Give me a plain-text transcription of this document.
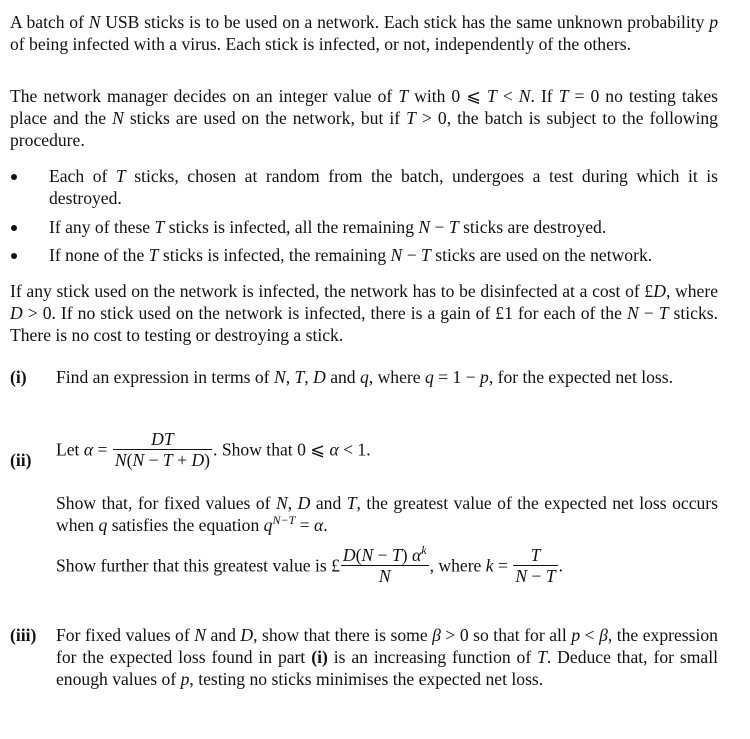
A batch of N USB sticks is to be used on a network. Each stick has the same unknown probability p of being infected with a virus. Each stick is infected, or not, independently of the others.
The network manager decides on an integer value of T with 0 ⩽ T < N. If T = 0 no testing takes place and the N sticks are used on the network, but if T > 0, the batch is subject to the following procedure.
Each of T sticks, chosen at random from the batch, undergoes a test during which it is destroyed.
If any of these T sticks is infected, all the remaining N − T sticks are destroyed.
If none of the T sticks is infected, the remaining N − T sticks are used on the network.
If any stick used on the network is infected, the network has to be disinfected at a cost of £D, where D > 0. If no stick used on the network is infected, there is a gain of £1 for each of the N − T sticks. There is no cost to testing or destroying a stick.
(i) Find an expression in terms of N, T, D and q, where q = 1 − p, for the expected net loss.
(ii)
Let $\alpha = \frac{DT}{N(N - T + D)}$ . Show that 0 ⩽ α < 1.
Show that, for fixed values of N, D and T, the greatest value of the expected net loss occurs when q satisfies the equation $q^{N-T} = \alpha$.
Show further that this greatest value is £ $\frac{D(N - T) \alpha^k}{N}$ , where $k = \frac{T}{N - T}$ .
(iii) For fixed values of N and D, show that there is some β > 0 so that for all p < β, the expression for the expected loss found in part (i) is an increasing function of T. Deduce that, for small enough values of p, testing no sticks minimises the expected net loss.
